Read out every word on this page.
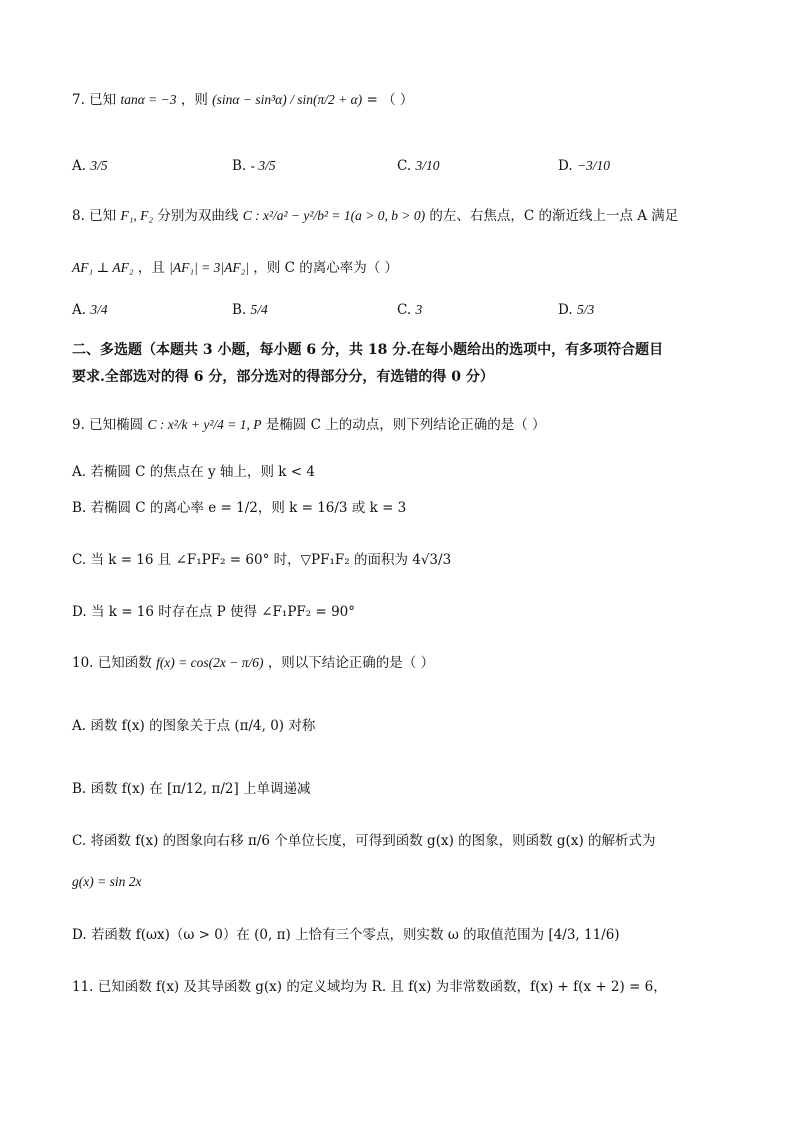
7. 已知 tanα = −3 ，则 (sinα − sin³α) / sin(π/2 + α) = （ ）
A. 3/5	B. - 3/5	C. 3/10	D. −3/10
8. 已知 F₁, F₂ 分别为双曲线 C : x²/a² − y²/b² = 1(a > 0, b > 0) 的左、右焦点，C 的渐近线上一点 A 满足
AF₁ ⊥ AF₂ ，且 |AF₁| = 3|AF₂| ，则 C 的离心率为（ ）
A. 3/4	B. 5/4	C. 3	D. 5/3
二、多选题（本题共 3 小题，每小题 6 分，共 18 分.在每小题给出的选项中，有多项符合题目
要求.全部选对的得 6 分，部分选对的得部分分，有选错的得 0 分）
9. 已知椭圆 C : x²/k + y²/4 = 1, P 是椭圆 C 上的动点，则下列结论正确的是（ ）
A. 若椭圆 C 的焦点在 y 轴上，则 k < 4
B. 若椭圆 C 的离心率 e = 1/2，则 k = 16/3 或 k = 3
C. 当 k = 16 且 ∠F₁PF₂ = 60° 时，▽PF₁F₂ 的面积为 4√3/3
D. 当 k = 16 时存在点 P 使得 ∠F₁PF₂ = 90°
10. 已知函数 f(x) = cos(2x − π/6) ，则以下结论正确的是（ ）
A. 函数 f(x) 的图象关于点 (π/4, 0) 对称
B. 函数 f(x) 在 [π/12, π/2] 上单调递减
C. 将函数 f(x) 的图象向右移 π/6 个单位长度，可得到函数 g(x) 的图象，则函数 g(x) 的解析式为
g(x) = sin 2x
D. 若函数 f(ωx)（ω > 0）在 (0, π) 上恰有三个零点，则实数 ω 的取值范围为 [4/3, 11/6)
11. 已知函数 f(x) 及其导函数 g(x) 的定义域均为 R. 且 f(x) 为非常数函数，f(x) + f(x + 2) = 6，
